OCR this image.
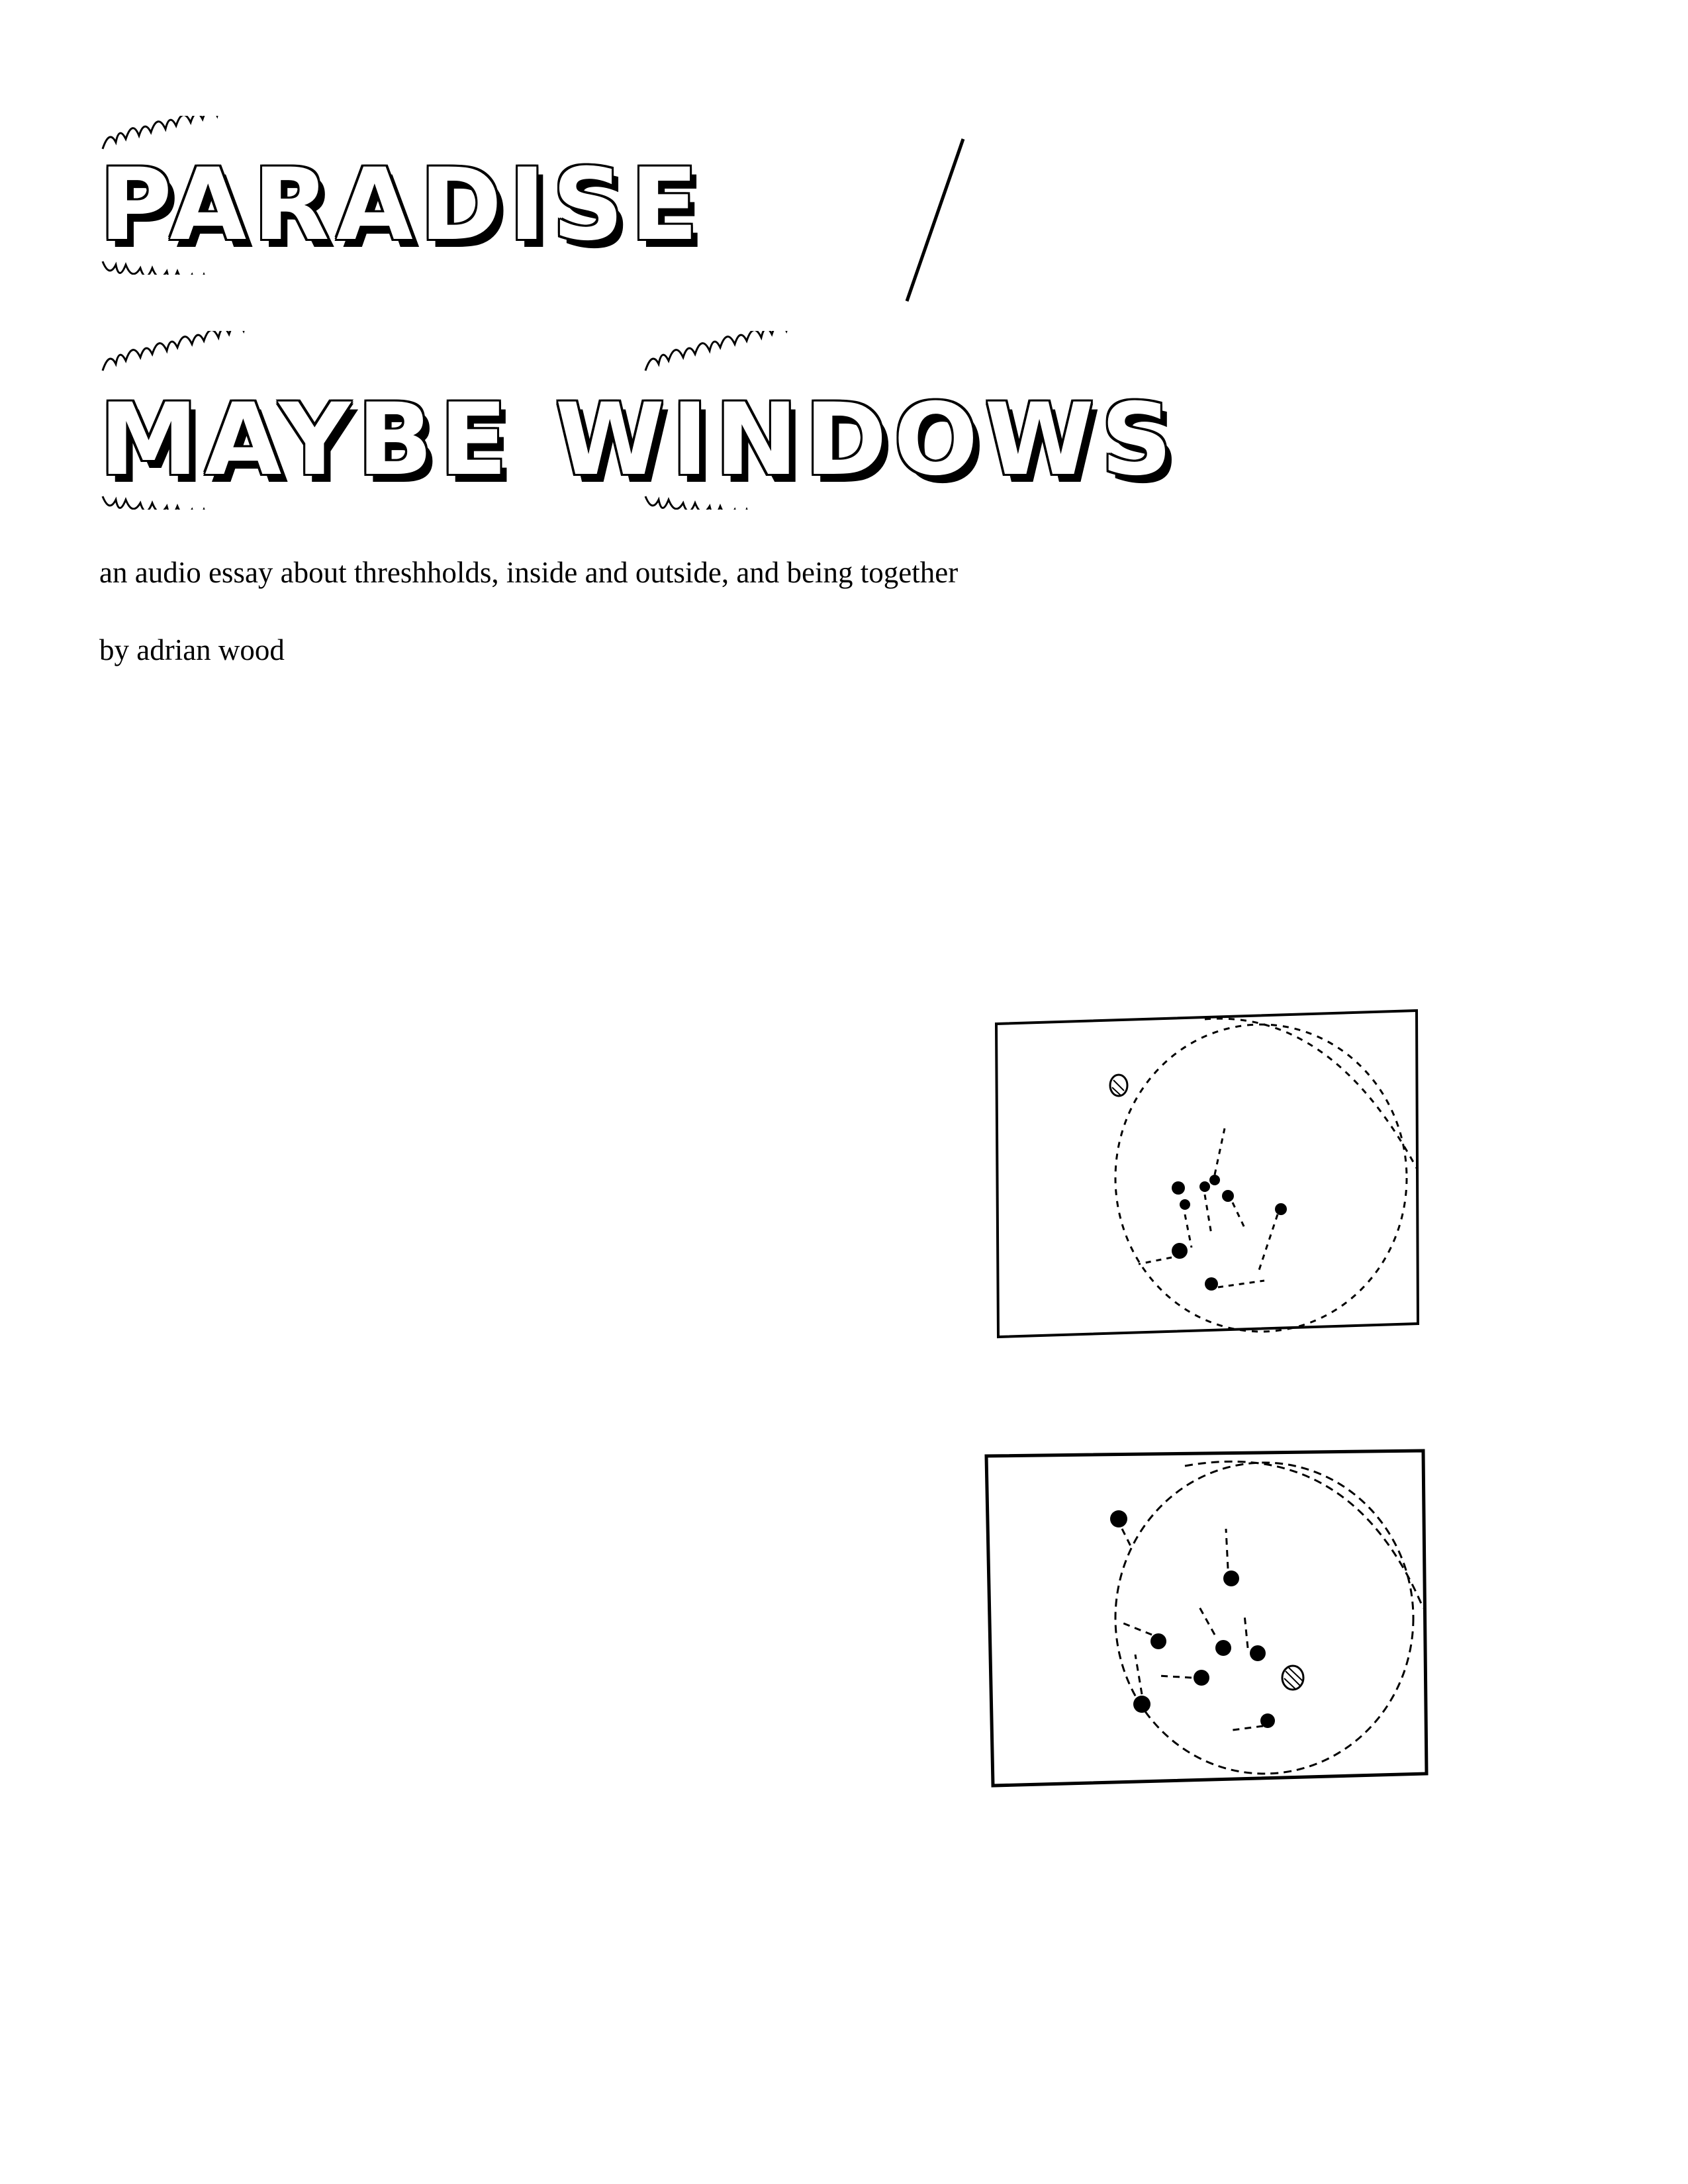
PARADISE
/
MAYBE WINDOWS
an audio essay about threshholds, inside and outside, and being together
by adrian wood
